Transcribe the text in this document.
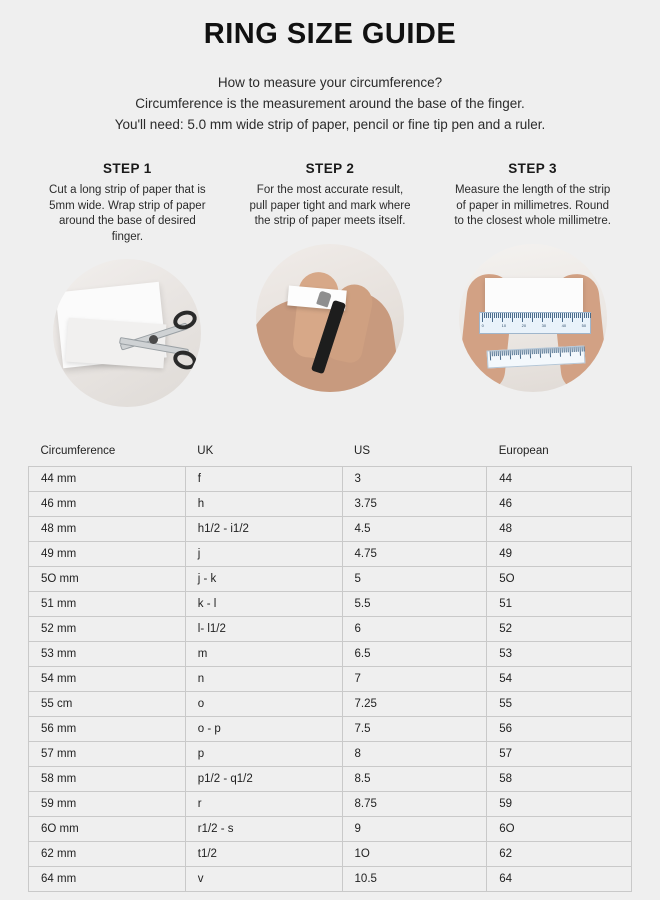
RING SIZE GUIDE
How to measure your circumference?
Circumference is the measurement around the base of the finger.
You'll need: 5.0 mm wide strip of paper, pencil or fine tip pen and a ruler.
STEP 1
Cut a long strip of paper that is 5mm wide. Wrap strip of paper around the base of desired finger.
STEP 2
For the most accurate result, pull paper tight and mark where the strip of paper meets itself.
STEP 3
Measure the length of the strip of paper in millimetres. Round to the closest whole millimetre.
0	10	20	30	40	50
Circumference	UK	US	European
44 mm	f	3	44
46 mm	h	3.75	46
48 mm	h1/2 - i1/2	4.5	48
49 mm	j	4.75	49
5O mm	j - k	5	5O
51 mm	k - l	5.5	51
52 mm	l- l1/2	6	52
53 mm	m	6.5	53
54 mm	n	7	54
55 cm	o	7.25	55
56 mm	o - p	7.5	56
57 mm	p	8	57
58 mm	p1/2 - q1/2	8.5	58
59 mm	r	8.75	59
6O mm	r1/2 - s	9	6O
62 mm	t1/2	1O	62
64 mm	v	10.5	64
